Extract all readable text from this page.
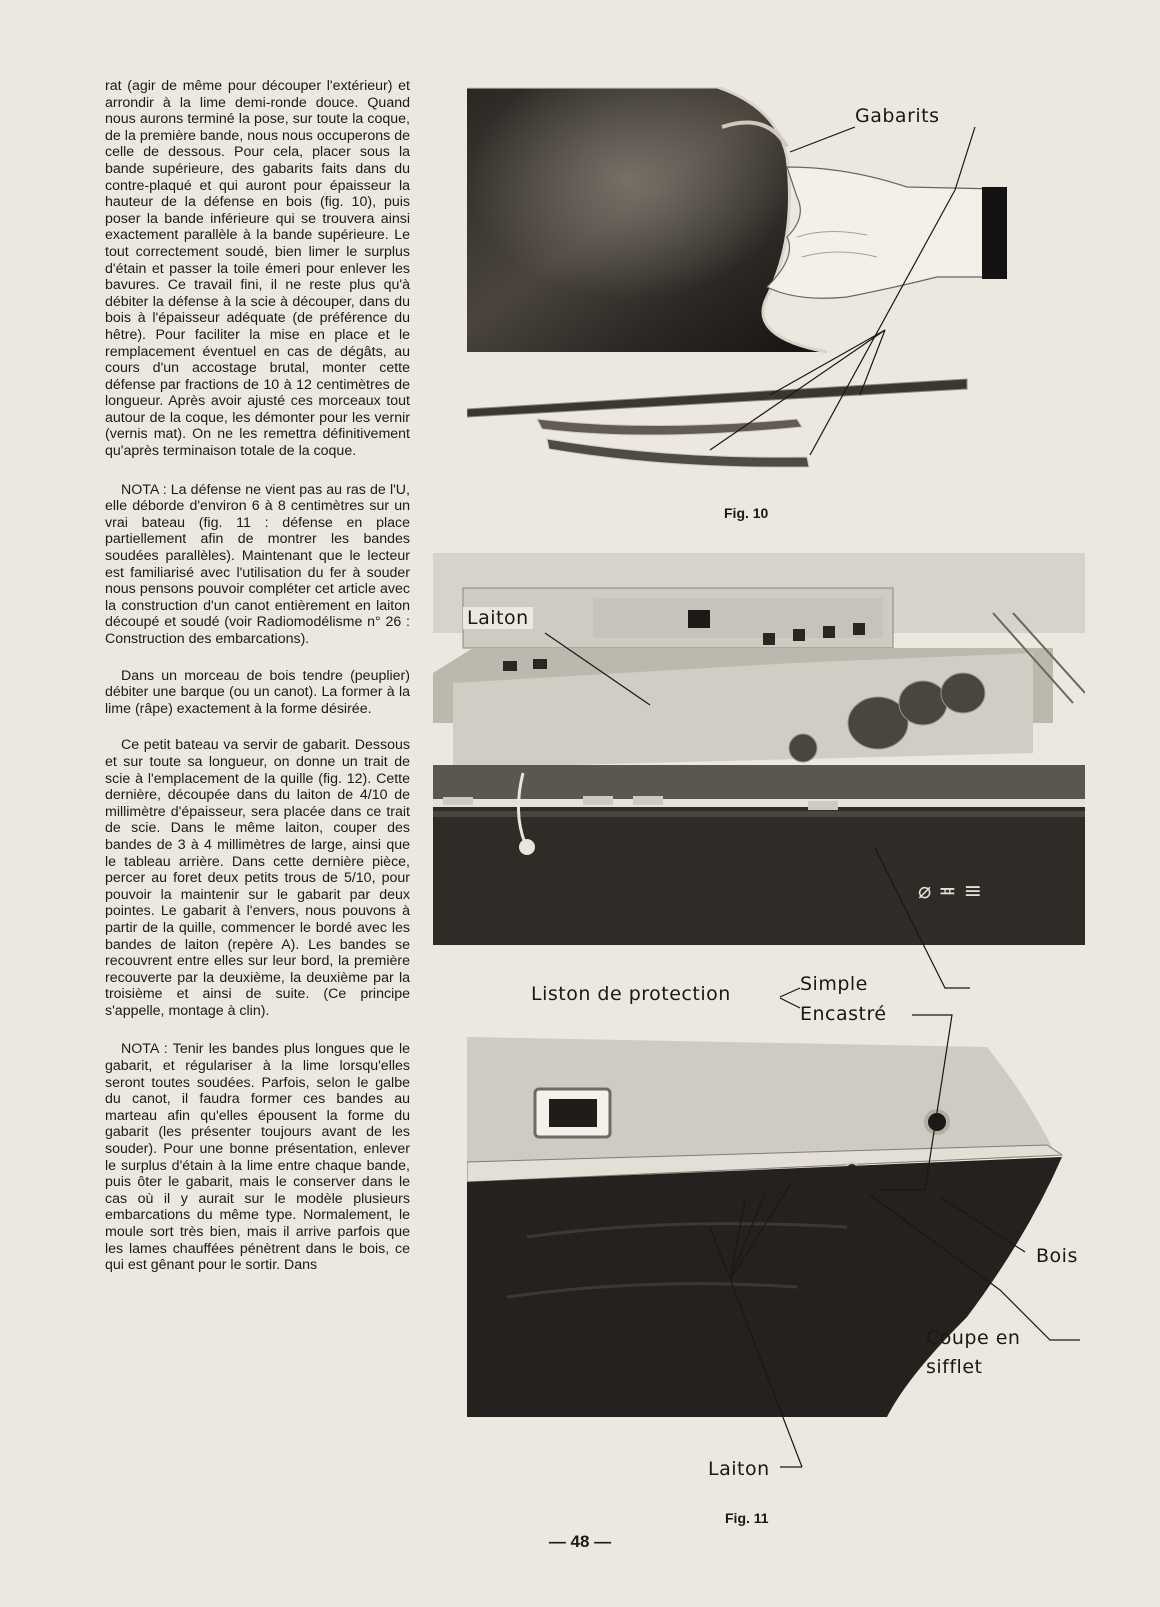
rat (agir de même pour découper l'extérieur) et arrondir à la lime demi-ronde douce. Quand nous aurons terminé la pose, sur toute la coque, de la première bande, nous nous occuperons de celle de dessous. Pour cela, placer sous la bande supérieure, des gabarits faits dans du contre-plaqué et qui auront pour épaisseur la hauteur de la défense en bois (fig. 10), puis poser la bande inférieure qui se trouvera ainsi exactement parallèle à la bande supérieure. Le tout correctement soudé, bien limer le surplus d'étain et passer la toile émeri pour enlever les bavures. Ce travail fini, il ne reste plus qu'à débiter la défense à la scie à découper, dans du bois à l'épaisseur adéquate (de préférence du hêtre). Pour faciliter la mise en place et le remplacement éventuel en cas de dégâts, au cours d'un accostage brutal, monter cette défense par fractions de 10 à 12 centimètres de longueur. Après avoir ajusté ces morceaux tout autour de la coque, les démonter pour les vernir (vernis mat). On ne les remettra définitivement qu'après terminaison totale de la coque.

NOTA : La défense ne vient pas au ras de l'U, elle déborde d'environ 6 à 8 centimètres sur un vrai bateau (fig. 11 : défense en place partiellement afin de montrer les bandes soudées parallèles). Maintenant que le lecteur est familiarisé avec l'utilisation du fer à souder nous pensons pouvoir compléter cet article avec la construction d'un canot entièrement en laiton découpé et soudé (voir Radiomodélisme n° 26 : Construction des embarcations).

Dans un morceau de bois tendre (peuplier) débiter une barque (ou un canot). La former à la lime (râpe) exactement à la forme désirée.

Ce petit bateau va servir de gabarit. Dessous et sur toute sa longueur, on donne un trait de scie à l'emplacement de la quille (fig. 12). Cette dernière, découpée dans du laiton de 4/10 de millimètre d'épaisseur, sera placée dans ce trait de scie. Dans le même laiton, couper des bandes de 3 à 4 millimètres de large, ainsi que le tableau arrière. Dans cette dernière pièce, percer au foret deux petits trous de 5/10, pour pouvoir la maintenir sur le gabarit par deux pointes. Le gabarit à l'envers, nous pouvons à partir de la quille, commencer le bordé avec les bandes de laiton (repère A). Les bandes se recouvrent entre elles sur leur bord, la première recouverte par la deuxième, la deuxième par la troisième et ainsi de suite. (Ce principe s'appelle, montage à clin).

NOTA : Tenir les bandes plus longues que le gabarit, et régulariser à la lime lorsqu'elles seront toutes soudées. Parfois, selon le galbe du canot, il faudra former ces bandes au marteau afin qu'elles épousent la forme du gabarit (les présenter toujours avant de les souder). Pour une bonne présentation, enlever le surplus d'étain à la lime entre chaque bande, puis ôter le gabarit, mais le conserver dans le cas où il y aurait sur le modèle plusieurs embarcations du même type. Normalement, le moule sort très bien, mais il arrive parfois que les lames chauffées pénètrent dans le bois, ce qui est gênant pour le sortir. Dans

⌀ ≖ ≡
Gabarits
Fig. 10
Laiton
Liston de protection	Simple
Encastré
Bois
Coupe en
sifflet
Laiton
Fig. 11
— 48 —
